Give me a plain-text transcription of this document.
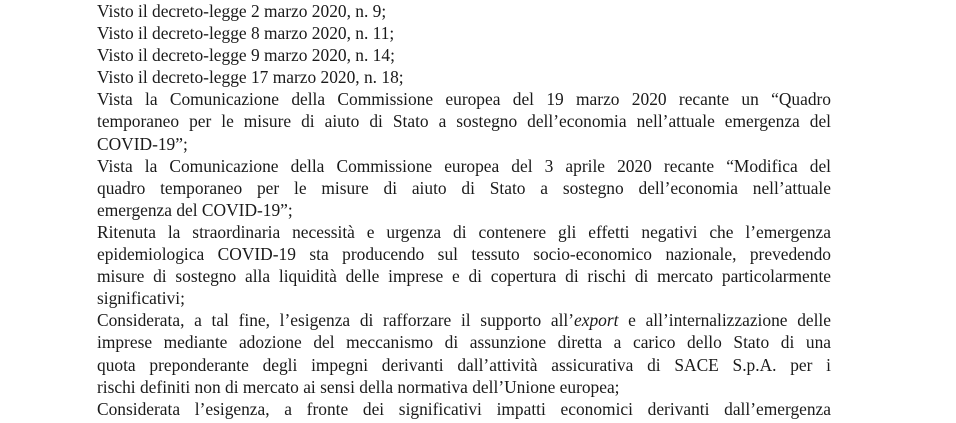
Visto il decreto-legge 2 marzo 2020, n. 9;
Visto il decreto-legge 8 marzo 2020, n. 11;
Visto il decreto-legge 9 marzo 2020, n. 14;
Visto il decreto-legge 17 marzo 2020, n. 18;
Vista la Comunicazione della Commissione europea del 19 marzo 2020 recante un “Quadro
temporaneo per le misure di aiuto di Stato a sostegno dell’economia nell’attuale emergenza del
COVID-19”;
Vista la Comunicazione della Commissione europea del 3 aprile 2020 recante “Modifica del
quadro temporaneo per le misure di aiuto di Stato a sostegno dell’economia nell’attuale
emergenza del COVID-19”;
Ritenuta la straordinaria necessità e urgenza di contenere gli effetti negativi che l’emergenza
epidemiologica COVID-19 sta producendo sul tessuto socio-economico nazionale, prevedendo
misure di sostegno alla liquidità delle imprese e di copertura di rischi di mercato particolarmente
significativi;
Considerata, a tal fine, l’esigenza di rafforzare il supporto all’export e all’internalizzazione delle
imprese mediante adozione del meccanismo di assunzione diretta a carico dello Stato di una
quota preponderante degli impegni derivanti dall’attività assicurativa di SACE S.p.A. per i
rischi definiti non di mercato ai sensi della normativa dell’Unione europea;
Considerata l’esigenza, a fronte dei significativi impatti economici derivanti dall’emergenza
